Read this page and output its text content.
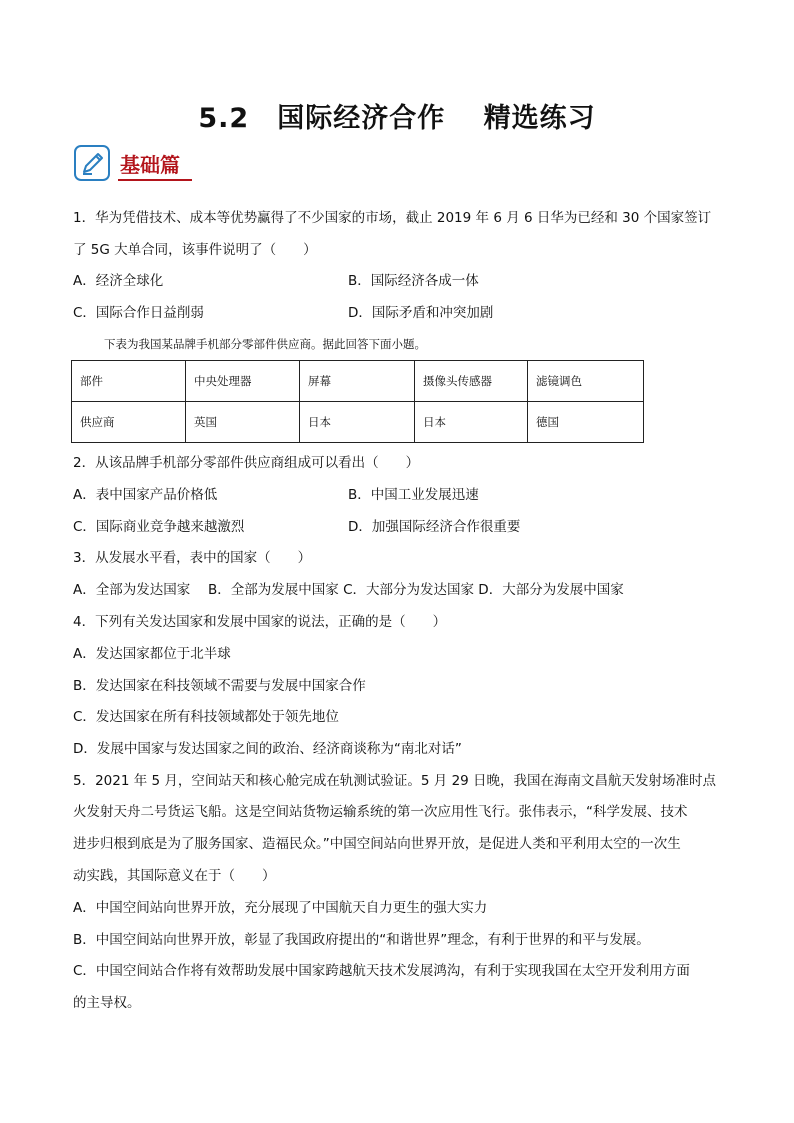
5.2　国际经济合作　 精选练习
基础篇
1．华为凭借技术、成本等优势赢得了不少国家的市场，截止 2019 年 6 月 6 日华为已经和 30 个国家签订
了 5G 大单合同，该事件说明了（　　）
A．经济全球化	B．国际经济各成一体
C．国际合作日益削弱	D．国际矛盾和冲突加剧
下表为我国某品牌手机部分零部件供应商。据此回答下面小题。
部件	中央处理器	屏幕	摄像头传感器	滤镜调色
供应商	英国	日本	日本	德国
2．从该品牌手机部分零部件供应商组成可以看出（　　）
A．表中国家产品价格低	B．中国工业发展迅速
C．国际商业竞争越来越激烈	D．加强国际经济合作很重要
3．从发展水平看，表中的国家（　　）
A．全部为发达国家　 B．全部为发展中国家 C．大部分为发达国家 D．大部分为发展中国家
4．下列有关发达国家和发展中国家的说法，正确的是（　　）
A．发达国家都位于北半球
B．发达国家在科技领域不需要与发展中国家合作
C．发达国家在所有科技领域都处于领先地位
D．发展中国家与发达国家之间的政治、经济商谈称为“南北对话”
5．2021 年 5 月，空间站天和核心舱完成在轨测试验证。5 月 29 日晚，我国在海南文昌航天发射场准时点
火发射天舟二号货运飞船。这是空间站货物运输系统的第一次应用性飞行。张伟表示，“科学发展、技术
进步归根到底是为了服务国家、造福民众。”中国空间站向世界开放，是促进人类和平利用太空的一次生
动实践，其国际意义在于（　　）
A．中国空间站向世界开放，充分展现了中国航天自力更生的强大实力
B．中国空间站向世界开放，彰显了我国政府提出的“和谐世界”理念，有利于世界的和平与发展。
C．中国空间站合作将有效帮助发展中国家跨越航天技术发展鸿沟，有利于实现我国在太空开发利用方面
的主导权。
